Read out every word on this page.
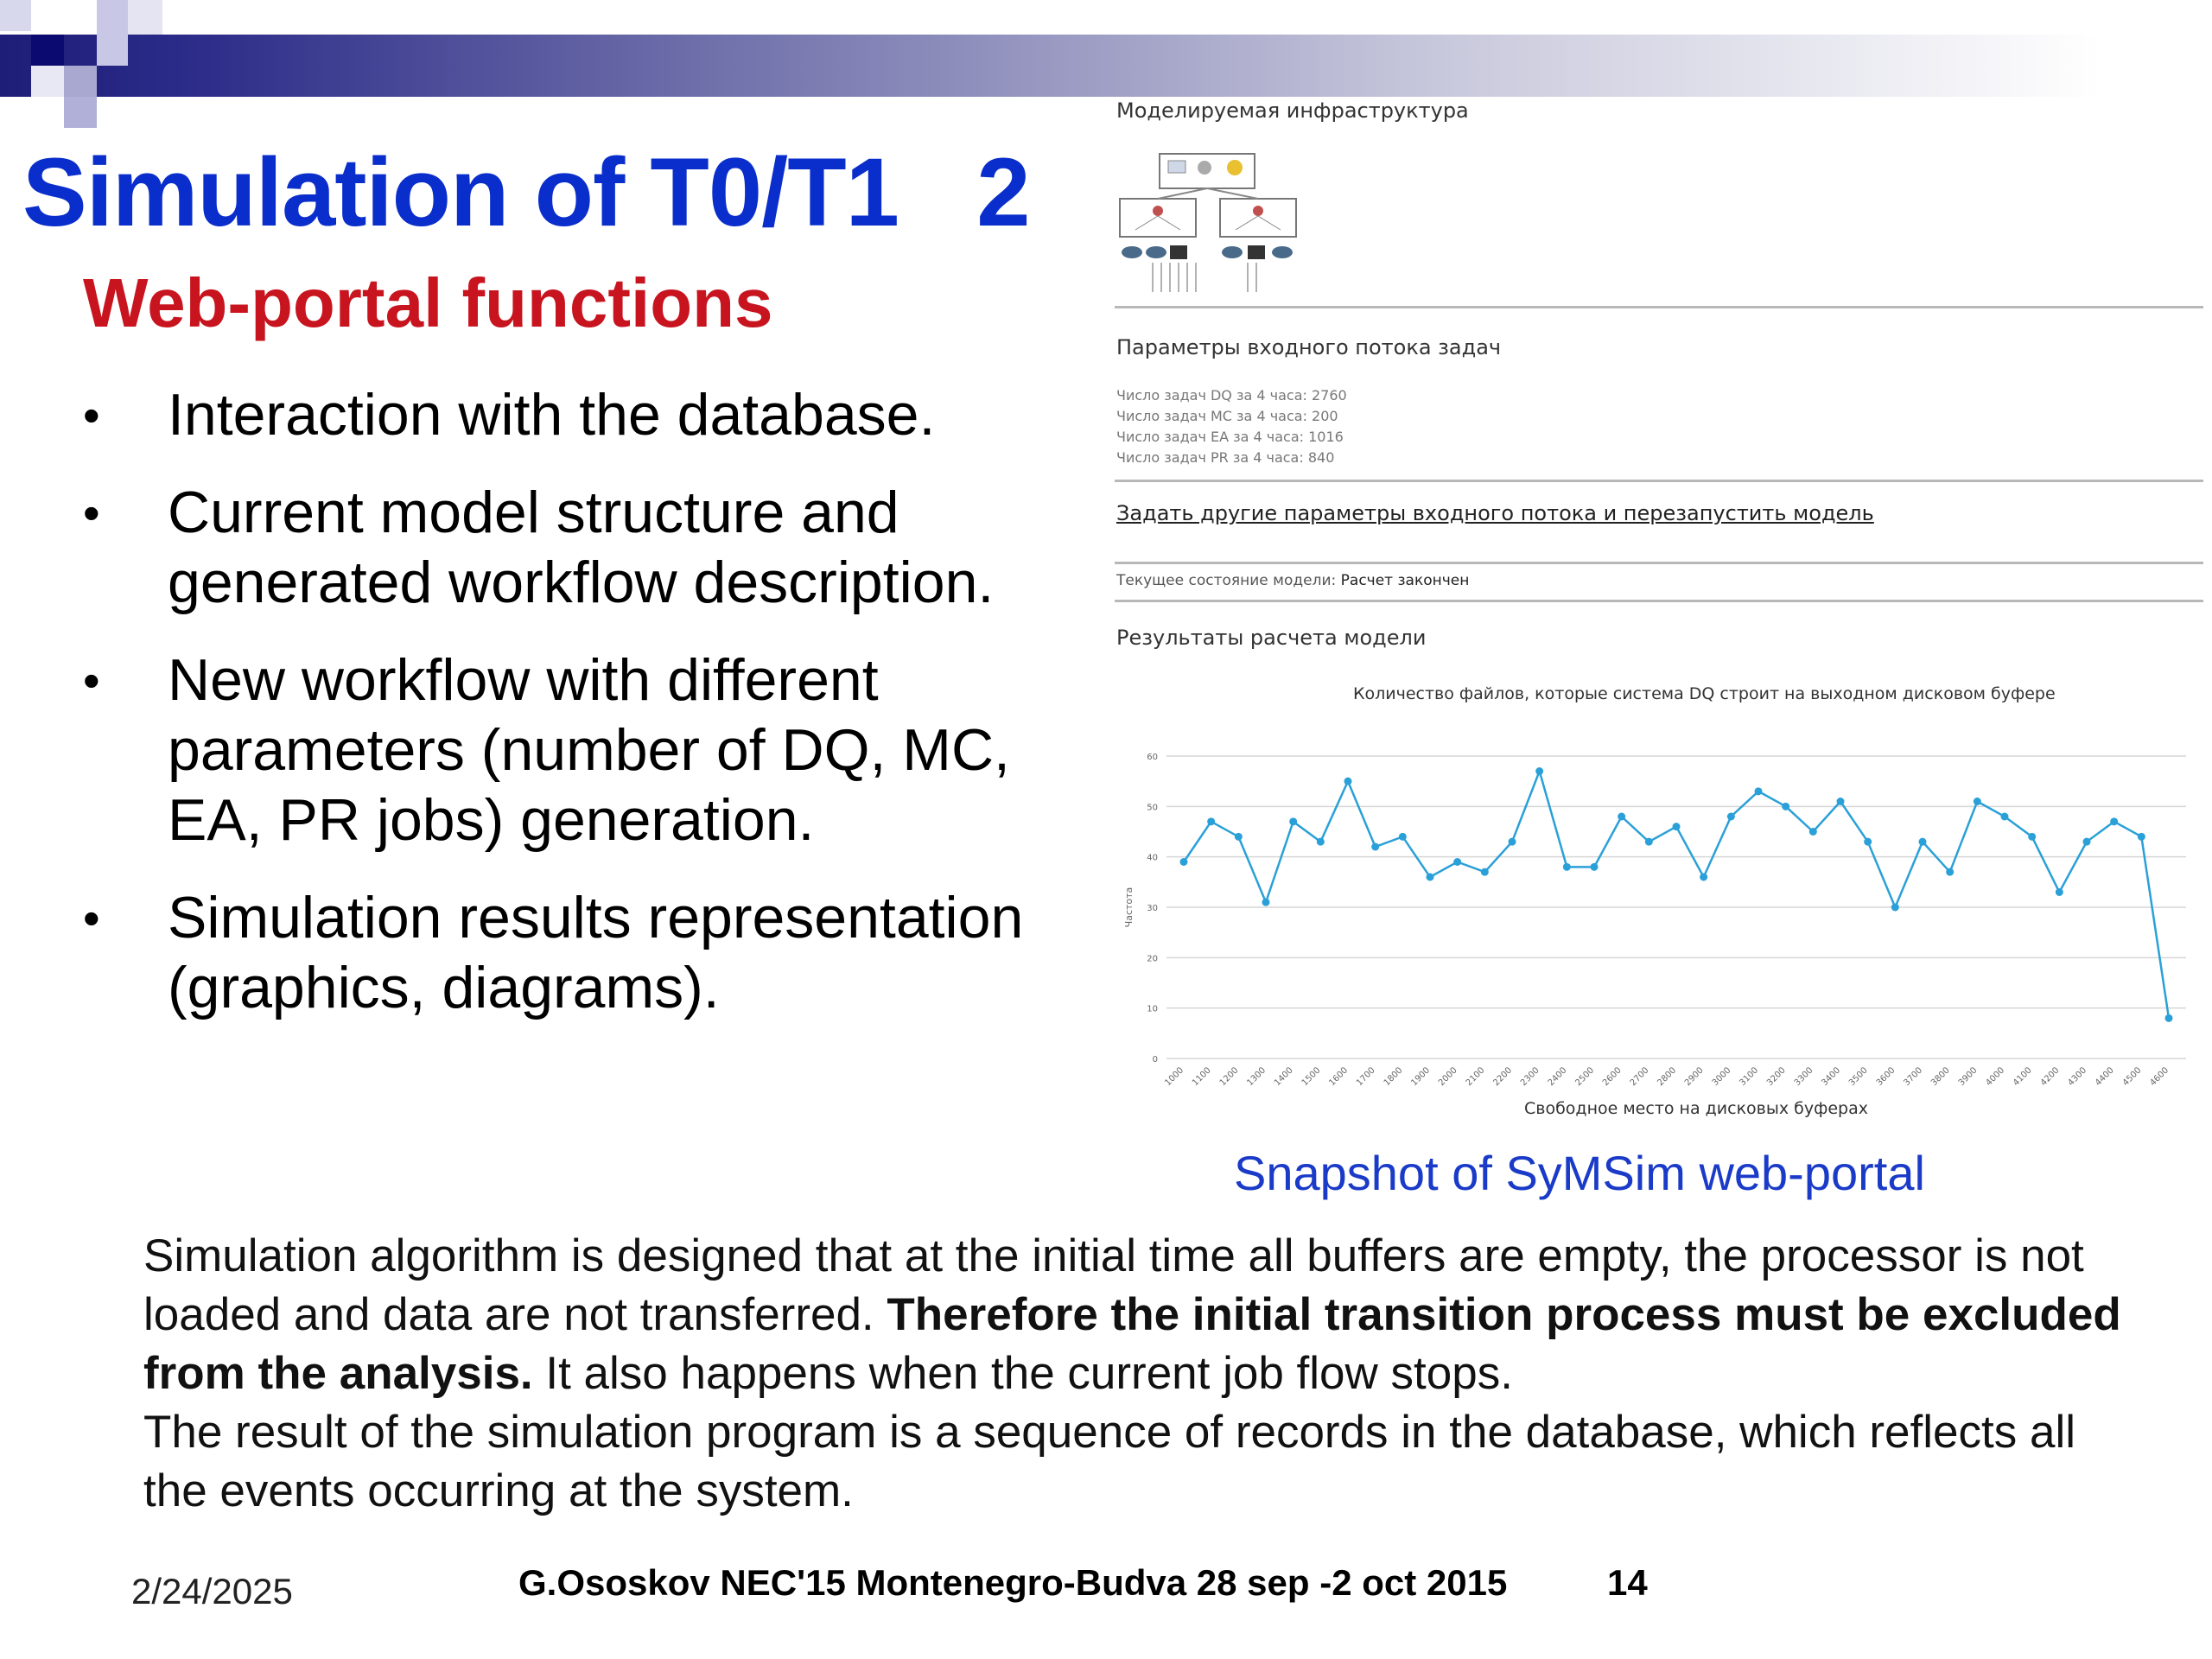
Simulation of T0/T1   2
Web-portal functions
• Interaction with the database.
• Current model structure and generated workflow description.
• New workflow with different parameters (number of DQ, MC, EA, PR jobs) generation.
• Simulation results representation (graphics, diagrams).
Моделируемая инфраструктура
Параметры входного потока задач
Число задач DQ за 4 часа: 2760
Число задач MC за 4 часа: 200
Число задач EA за 4 часа: 1016
Число задач PR за 4 часа: 840
Задать другие параметры входного потока и перезапустить модель
Текущее состояние модели: Расчет закончен
Результаты расчета модели
Количество файлов, которые система DQ строит на выходном дисковом буфере
0
10
20
30
40
50
60
Частота
1000 1100 1200 1300 1400 1500 1600 1700 1800 1900 2000 2100 2200 2300 2400 2500 2600 2700 2800 2900 3000 3100 3200 3300 3400 3500 3600 3700 3800 3900 4000 4100 4200 4300 4400 4500 4600
Свободное место на дисковых буферах
Snapshot of SyMSim web-portal

Simulation algorithm is designed that at the initial time all buffers are empty, the processor is not loaded and data are not transferred. Therefore the initial transition process must be excluded from the analysis. It also happens when the current job flow stops.

The result of the simulation program is a sequence of records in the database, which reflects all the events occurring at the system.

2/24/2025	G.Ososkov NEC'15 Montenegro-Budva 28 sep -2 oct 2015	14
